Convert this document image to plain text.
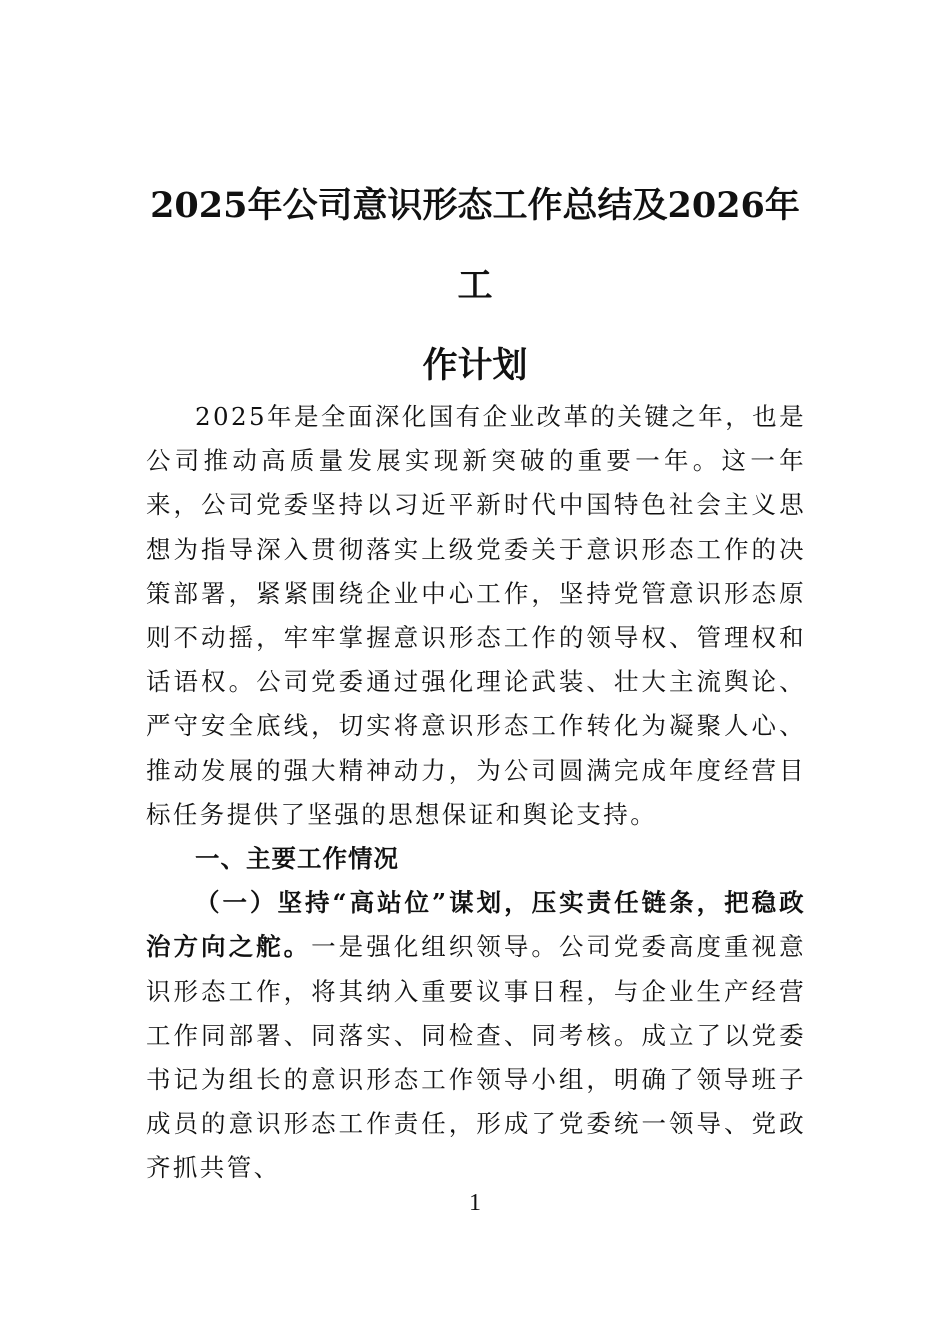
2025年公司意识形态工作总结及2026年工
作计划

2025年是全面深化国有企业改革的关键之年，也是公司推动高质量发展实现新突破的重要一年。这一年来，公司党委坚持以习近平新时代中国特色社会主义思想为指导深入贯彻落实上级党委关于意识形态工作的决策部署，紧紧围绕企业中心工作，坚持党管意识形态原则不动摇，牢牢掌握意识形态工作的领导权、管理权和话语权。公司党委通过强化理论武装、壮大主流舆论、严守安全底线，切实将意识形态工作转化为凝聚人心、推动发展的强大精神动力，为公司圆满完成年度经营目标任务提供了坚强的思想保证和舆论支持。

一、主要工作情况

（一）坚持“高站位”谋划，压实责任链条，把稳政治方向之舵。一是强化组织领导。公司党委高度重视意识形态工作，将其纳入重要议事日程，与企业生产经营工作同部署、同落实、同检查、同考核。成立了以党委书记为组长的意识形态工作领导小组，明确了领导班子成员的意识形态工作责任，形成了党委统一领导、党政齐抓共管、

1
